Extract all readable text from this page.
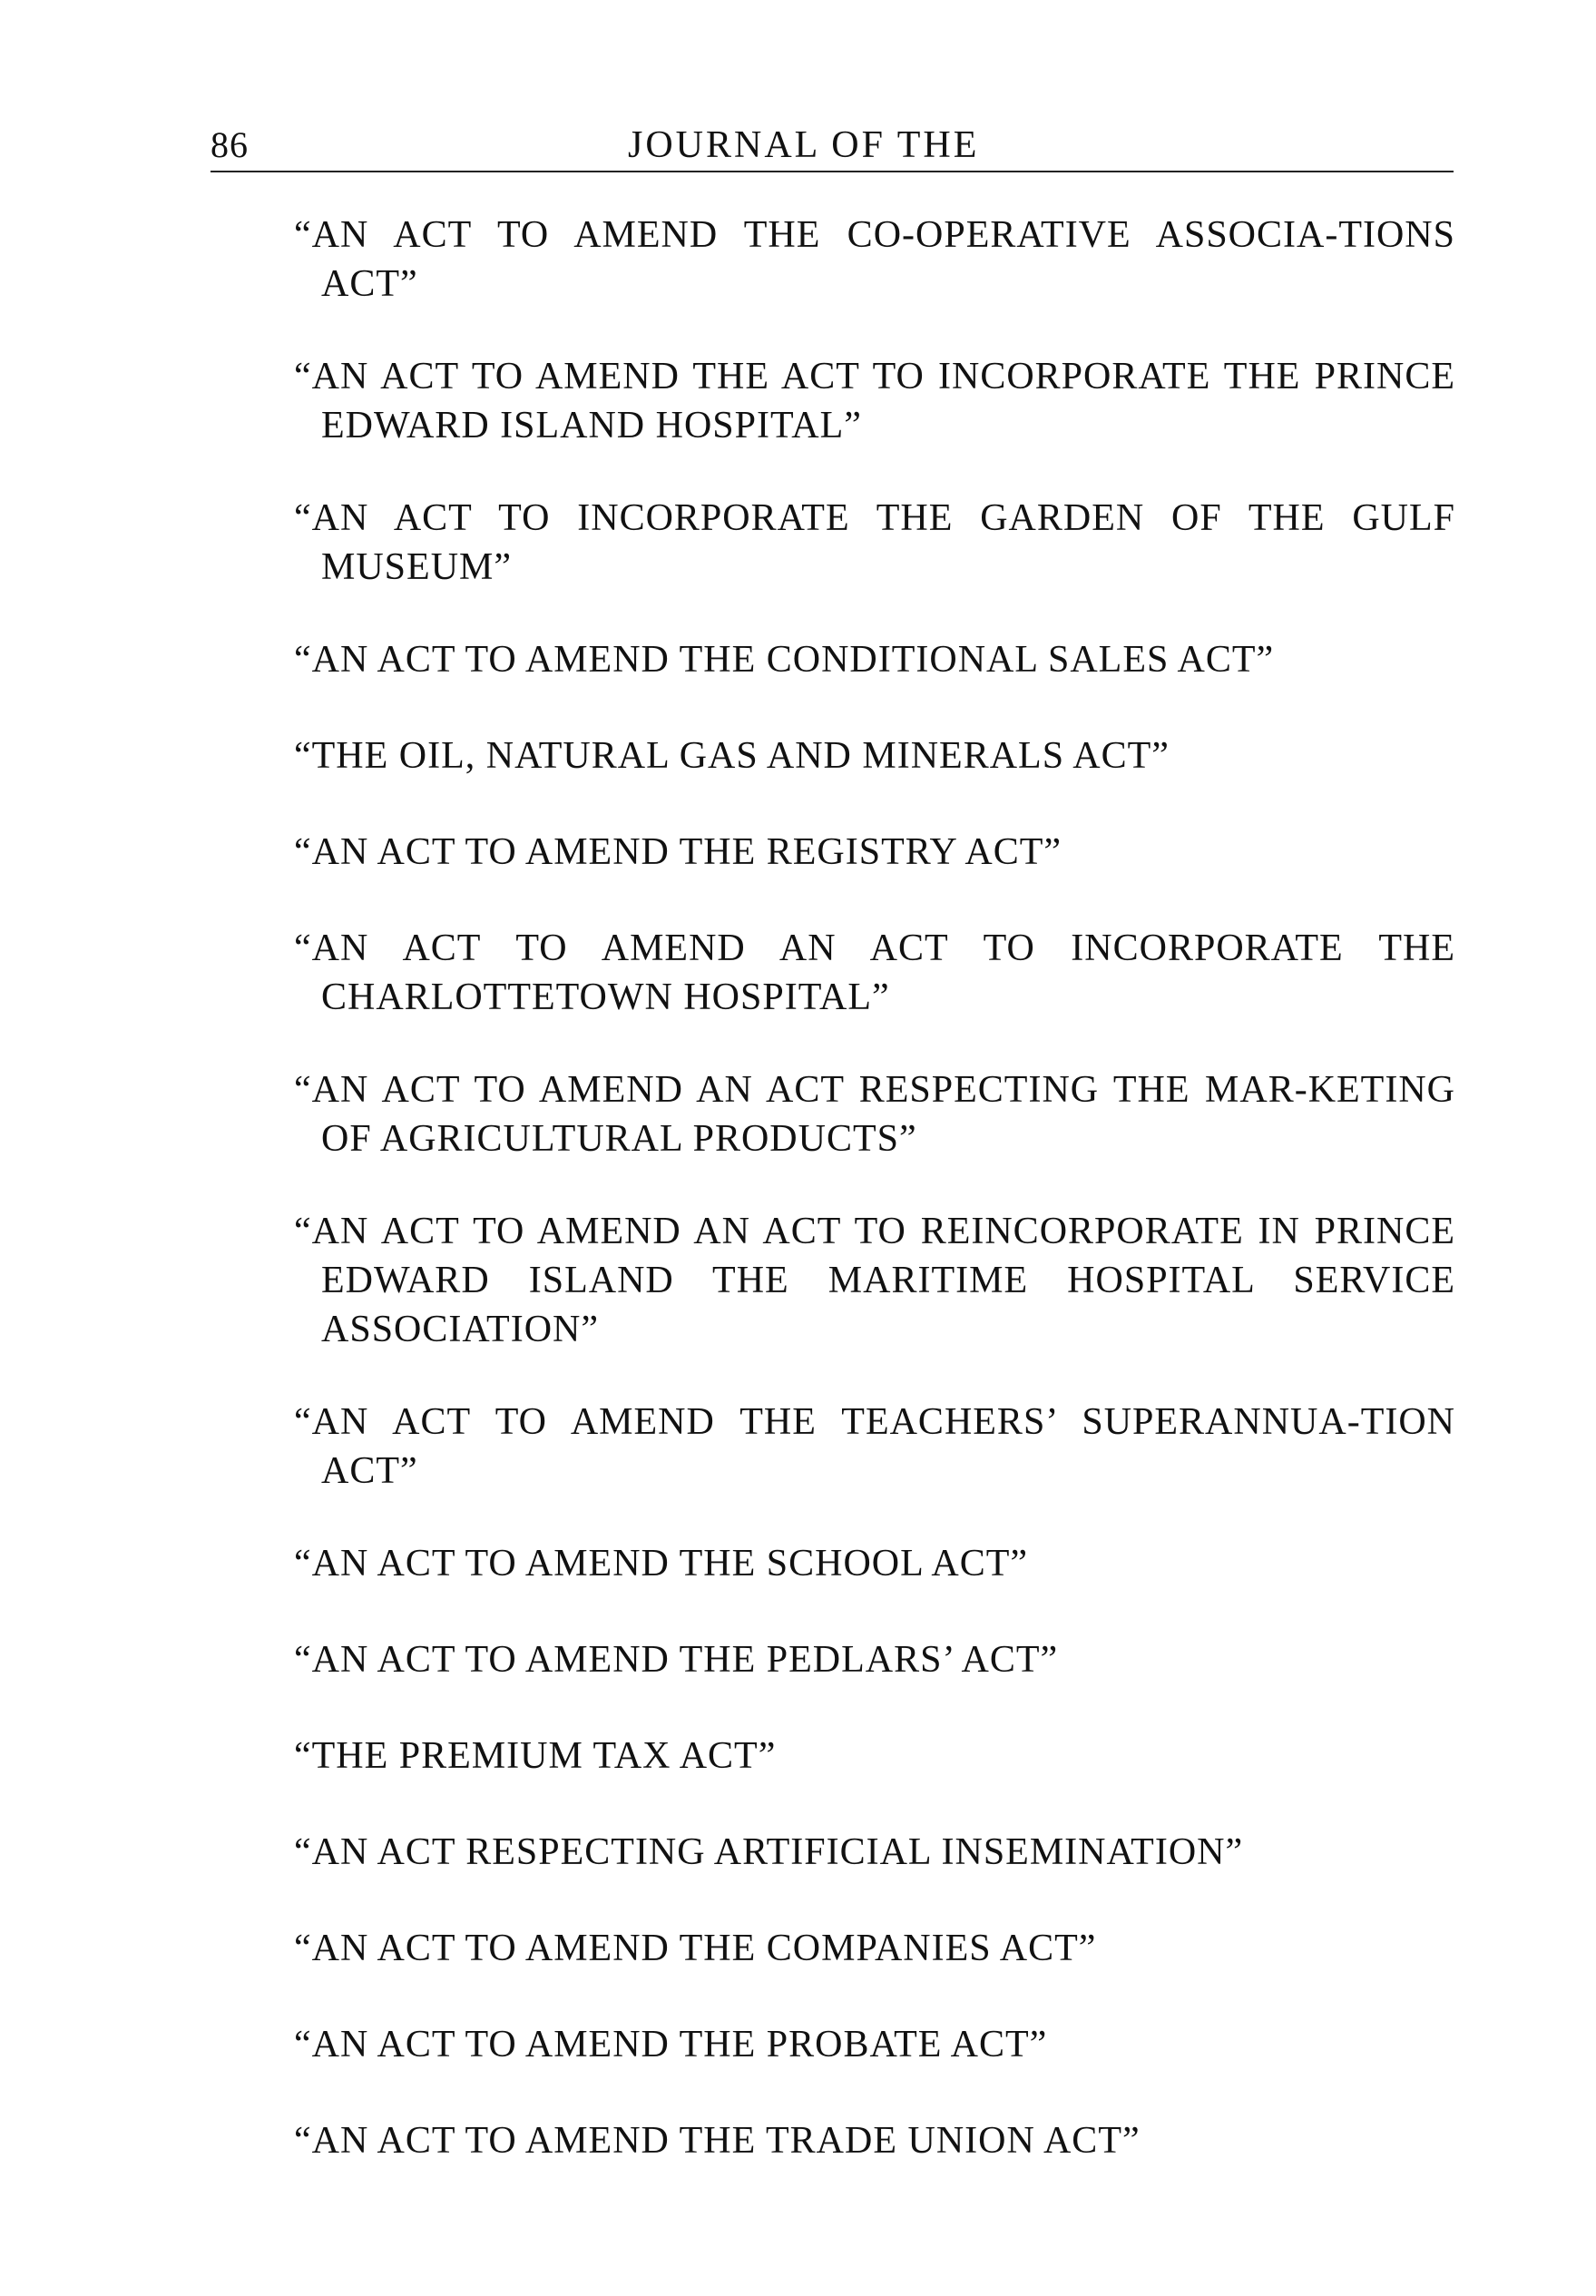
86	JOURNAL OF THE
“AN ACT TO AMEND THE CO-OPERATIVE ASSOCIA-TIONS ACT”
“AN ACT TO AMEND THE ACT TO INCORPORATE THE PRINCE EDWARD ISLAND HOSPITAL”
“AN ACT TO INCORPORATE THE GARDEN OF THE GULF MUSEUM”
“AN ACT TO AMEND THE CONDITIONAL SALES ACT”
“THE OIL, NATURAL GAS AND MINERALS ACT”
“AN ACT TO AMEND THE REGISTRY ACT”
“AN ACT TO AMEND AN ACT TO INCORPORATE THE CHARLOTTETOWN HOSPITAL”
“AN ACT TO AMEND AN ACT RESPECTING THE MAR-KETING OF AGRICULTURAL PRODUCTS”
“AN ACT TO AMEND AN ACT TO REINCORPORATE IN PRINCE EDWARD ISLAND THE MARITIME HOSPITAL SERVICE ASSOCIATION”
“AN ACT TO AMEND THE TEACHERS’ SUPERANNUA-TION ACT”
“AN ACT TO AMEND THE SCHOOL ACT”
“AN ACT TO AMEND THE PEDLARS’ ACT”
“THE PREMIUM TAX ACT”
“AN ACT RESPECTING ARTIFICIAL INSEMINATION”
“AN ACT TO AMEND THE COMPANIES ACT”
“AN ACT TO AMEND THE PROBATE ACT”
“AN ACT TO AMEND THE TRADE UNION ACT”
